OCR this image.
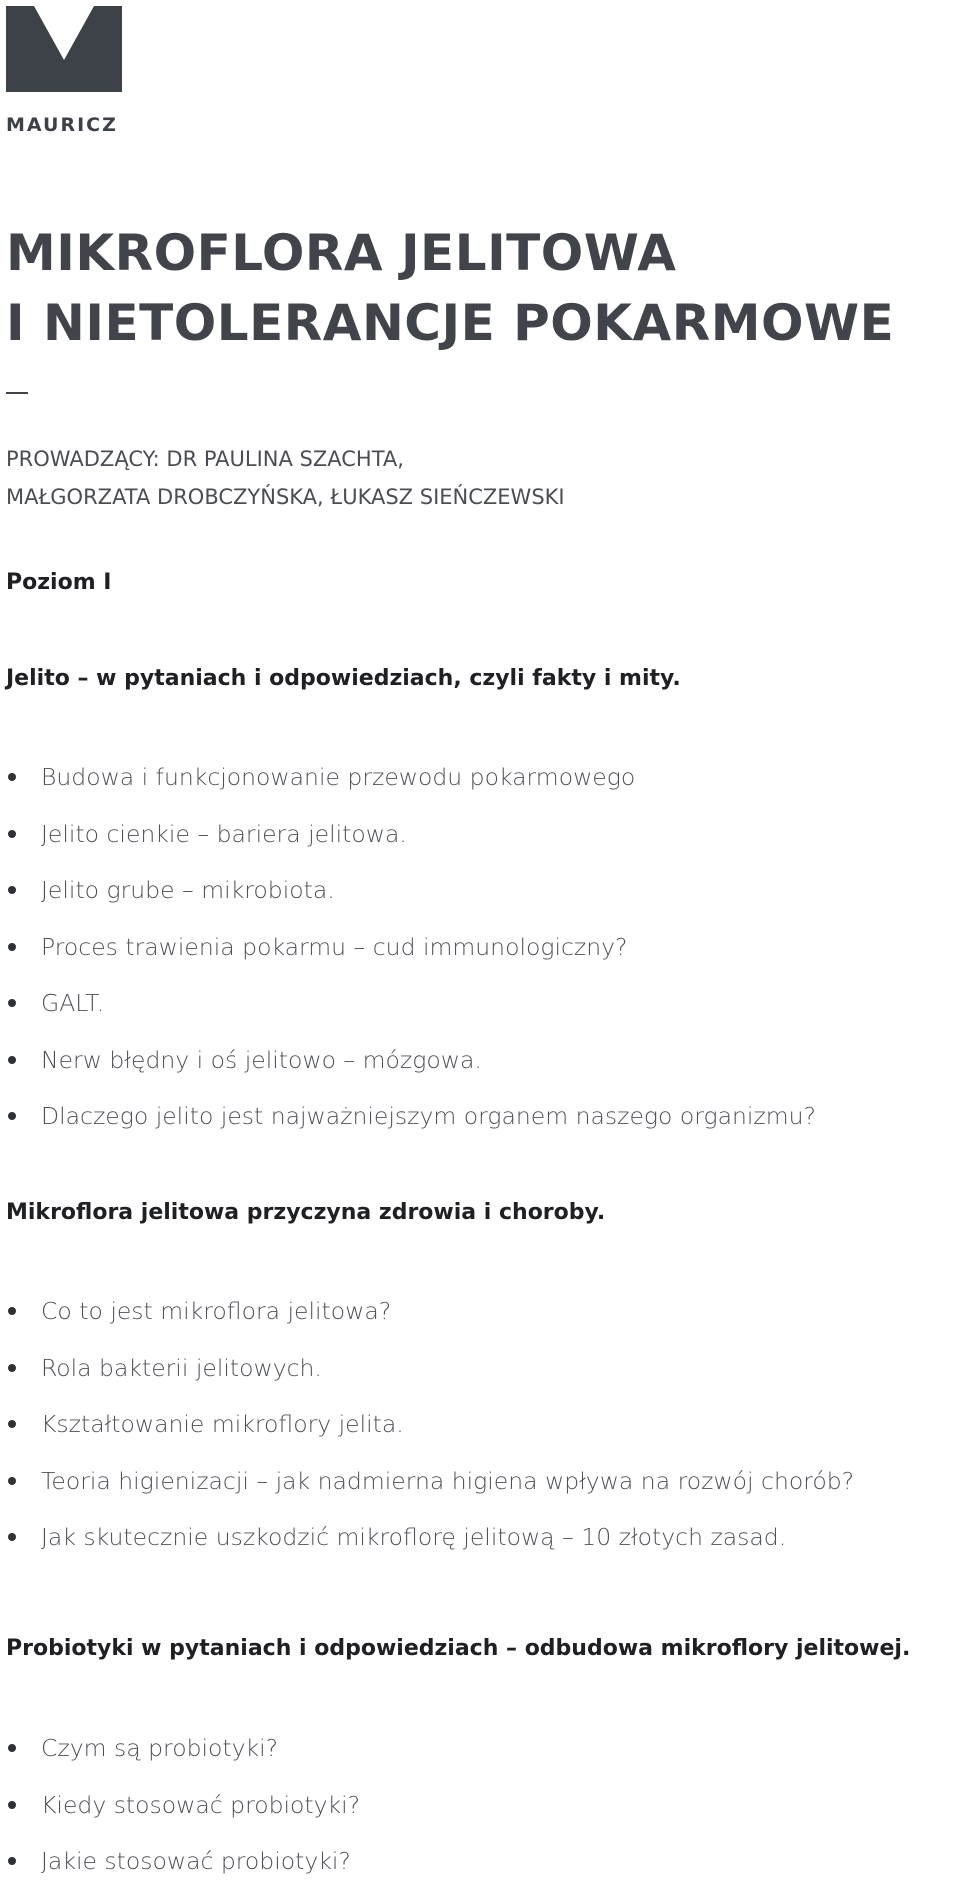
MAURICZ
MIKROFLORA JELITOWA
I NIETOLERANCJE POKARMOWE
PROWADZĄCY: DR PAULINA SZACHTA,
MAŁGORZATA DROBCZYŃSKA, ŁUKASZ SIEŃCZEWSKI
Poziom I
Jelito – w pytaniach i odpowiedziach, czyli fakty i mity.
Budowa i funkcjonowanie przewodu pokarmowego
Jelito cienkie – bariera jelitowa.
Jelito grube – mikrobiota.
Proces trawienia pokarmu – cud immunologiczny?
GALT.
Nerw błędny i oś jelitowo – mózgowa.
Dlaczego jelito jest najważniejszym organem naszego organizmu?
Mikroflora jelitowa przyczyna zdrowia i choroby.
Co to jest mikroflora jelitowa?
Rola bakterii jelitowych.
Kształtowanie mikroflory jelita.
Teoria higienizacji – jak nadmierna higiena wpływa na rozwój chorób?
Jak skutecznie uszkodzić mikroflorę jelitową – 10 złotych zasad.
Probiotyki w pytaniach i odpowiedziach – odbudowa mikroflory jelitowej.
Czym są probiotyki?
Kiedy stosować probiotyki?
Jakie stosować probiotyki?
